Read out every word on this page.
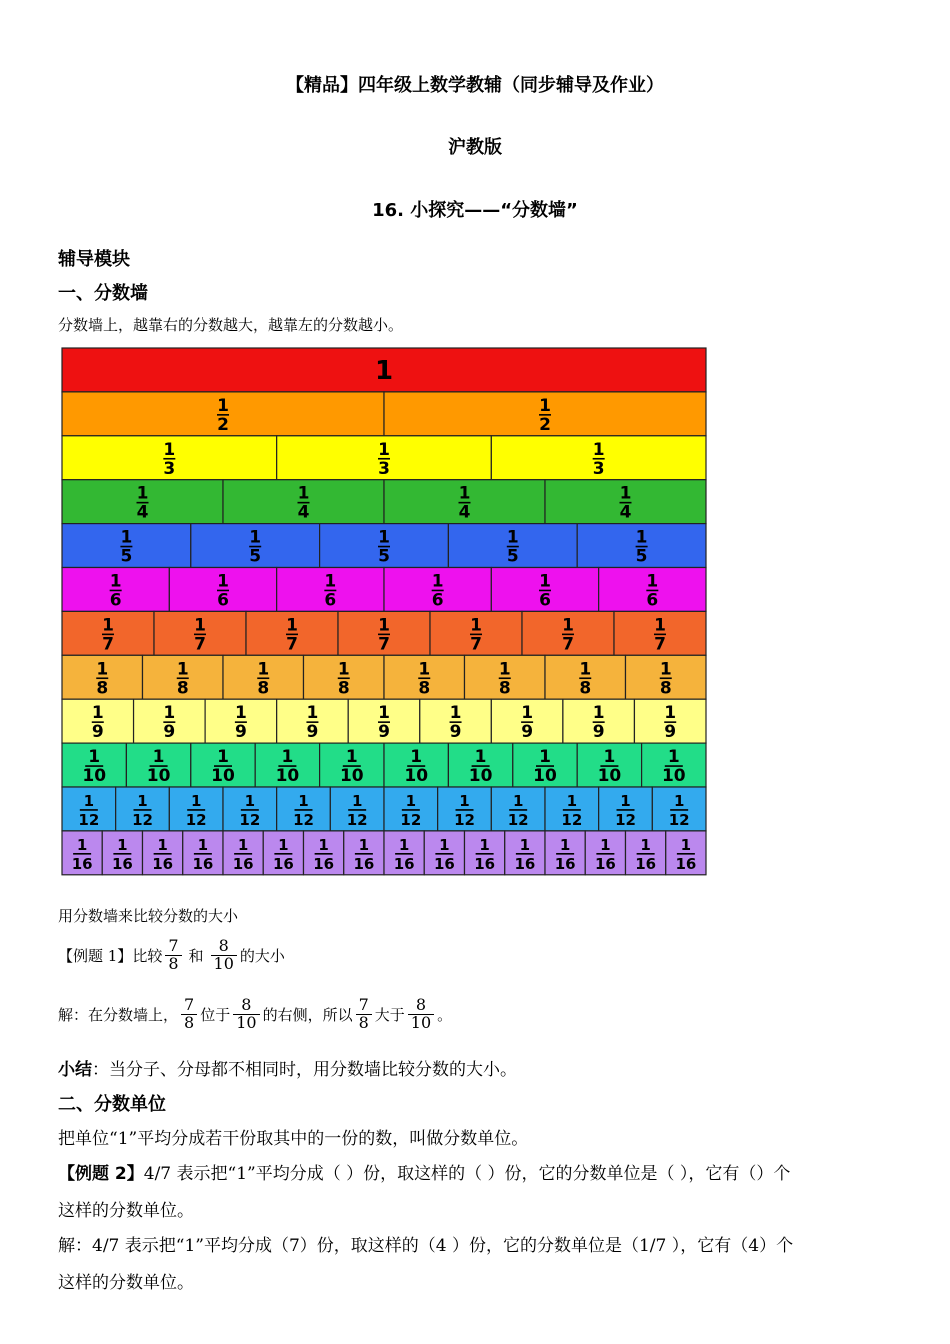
【精品】四年级上数学教辅（同步辅导及作业）
沪教版
16. 小探究——“分数墙”
辅导模块
一、分数墙
分数墙上，越靠右的分数越大，越靠左的分数越小。
1
1
2
1
2
1
3
1
3
1
3
1
4
1
4
1
4
1
4
1
5
1
5
1
5
1
5
1
5
1
6
1
6
1
6
1
6
1
6
1
6
1
7
1
7
1
7
1
7
1
7
1
7
1
7
1
8
1
8
1
8
1
8
1
8
1
8
1
8
1
8
1
9
1
9
1
9
1
9
1
9
1
9
1
9
1
9
1
9
1
10
1
10
1
10
1
10
1
10
1
10
1
10
1
10
1
10
1
10
1
12
1
12
1
12
1
12
1
12
1
12
1
12
1
12
1
12
1
12
1
12
1
12
1
16
1
16
1
16
1
16
1
16
1
16
1
16
1
16
1
16
1
16
1
16
1
16
1
16
1
16
1
16
1
16
用分数墙来比较分数的大小
【例题 1】 比较 $\frac{7}{8}$ 和 $\frac{8}{10}$ 的大小
解：在分数墙上， $\frac{7}{8}$ 位于 $\frac{8}{10}$ 的右侧，所以 $\frac{7}{8}$ 大于 $\frac{8}{10}$ 。
小结：当分子、分母都不相同时，用分数墙比较分数的大小。
二、分数单位
把单位“1”平均分成若干份取其中的一份的数，叫做分数单位。
【例题 2】4/7 表示把“1”平均分成（ ）份，取这样的（ ）份，它的分数单位是（ ），它有（）个
这样的分数单位。
解：4/7 表示把“1”平均分成（7）份，取这样的（4 ）份，它的分数单位是（1/7 ），它有（4）个
这样的分数单位。
